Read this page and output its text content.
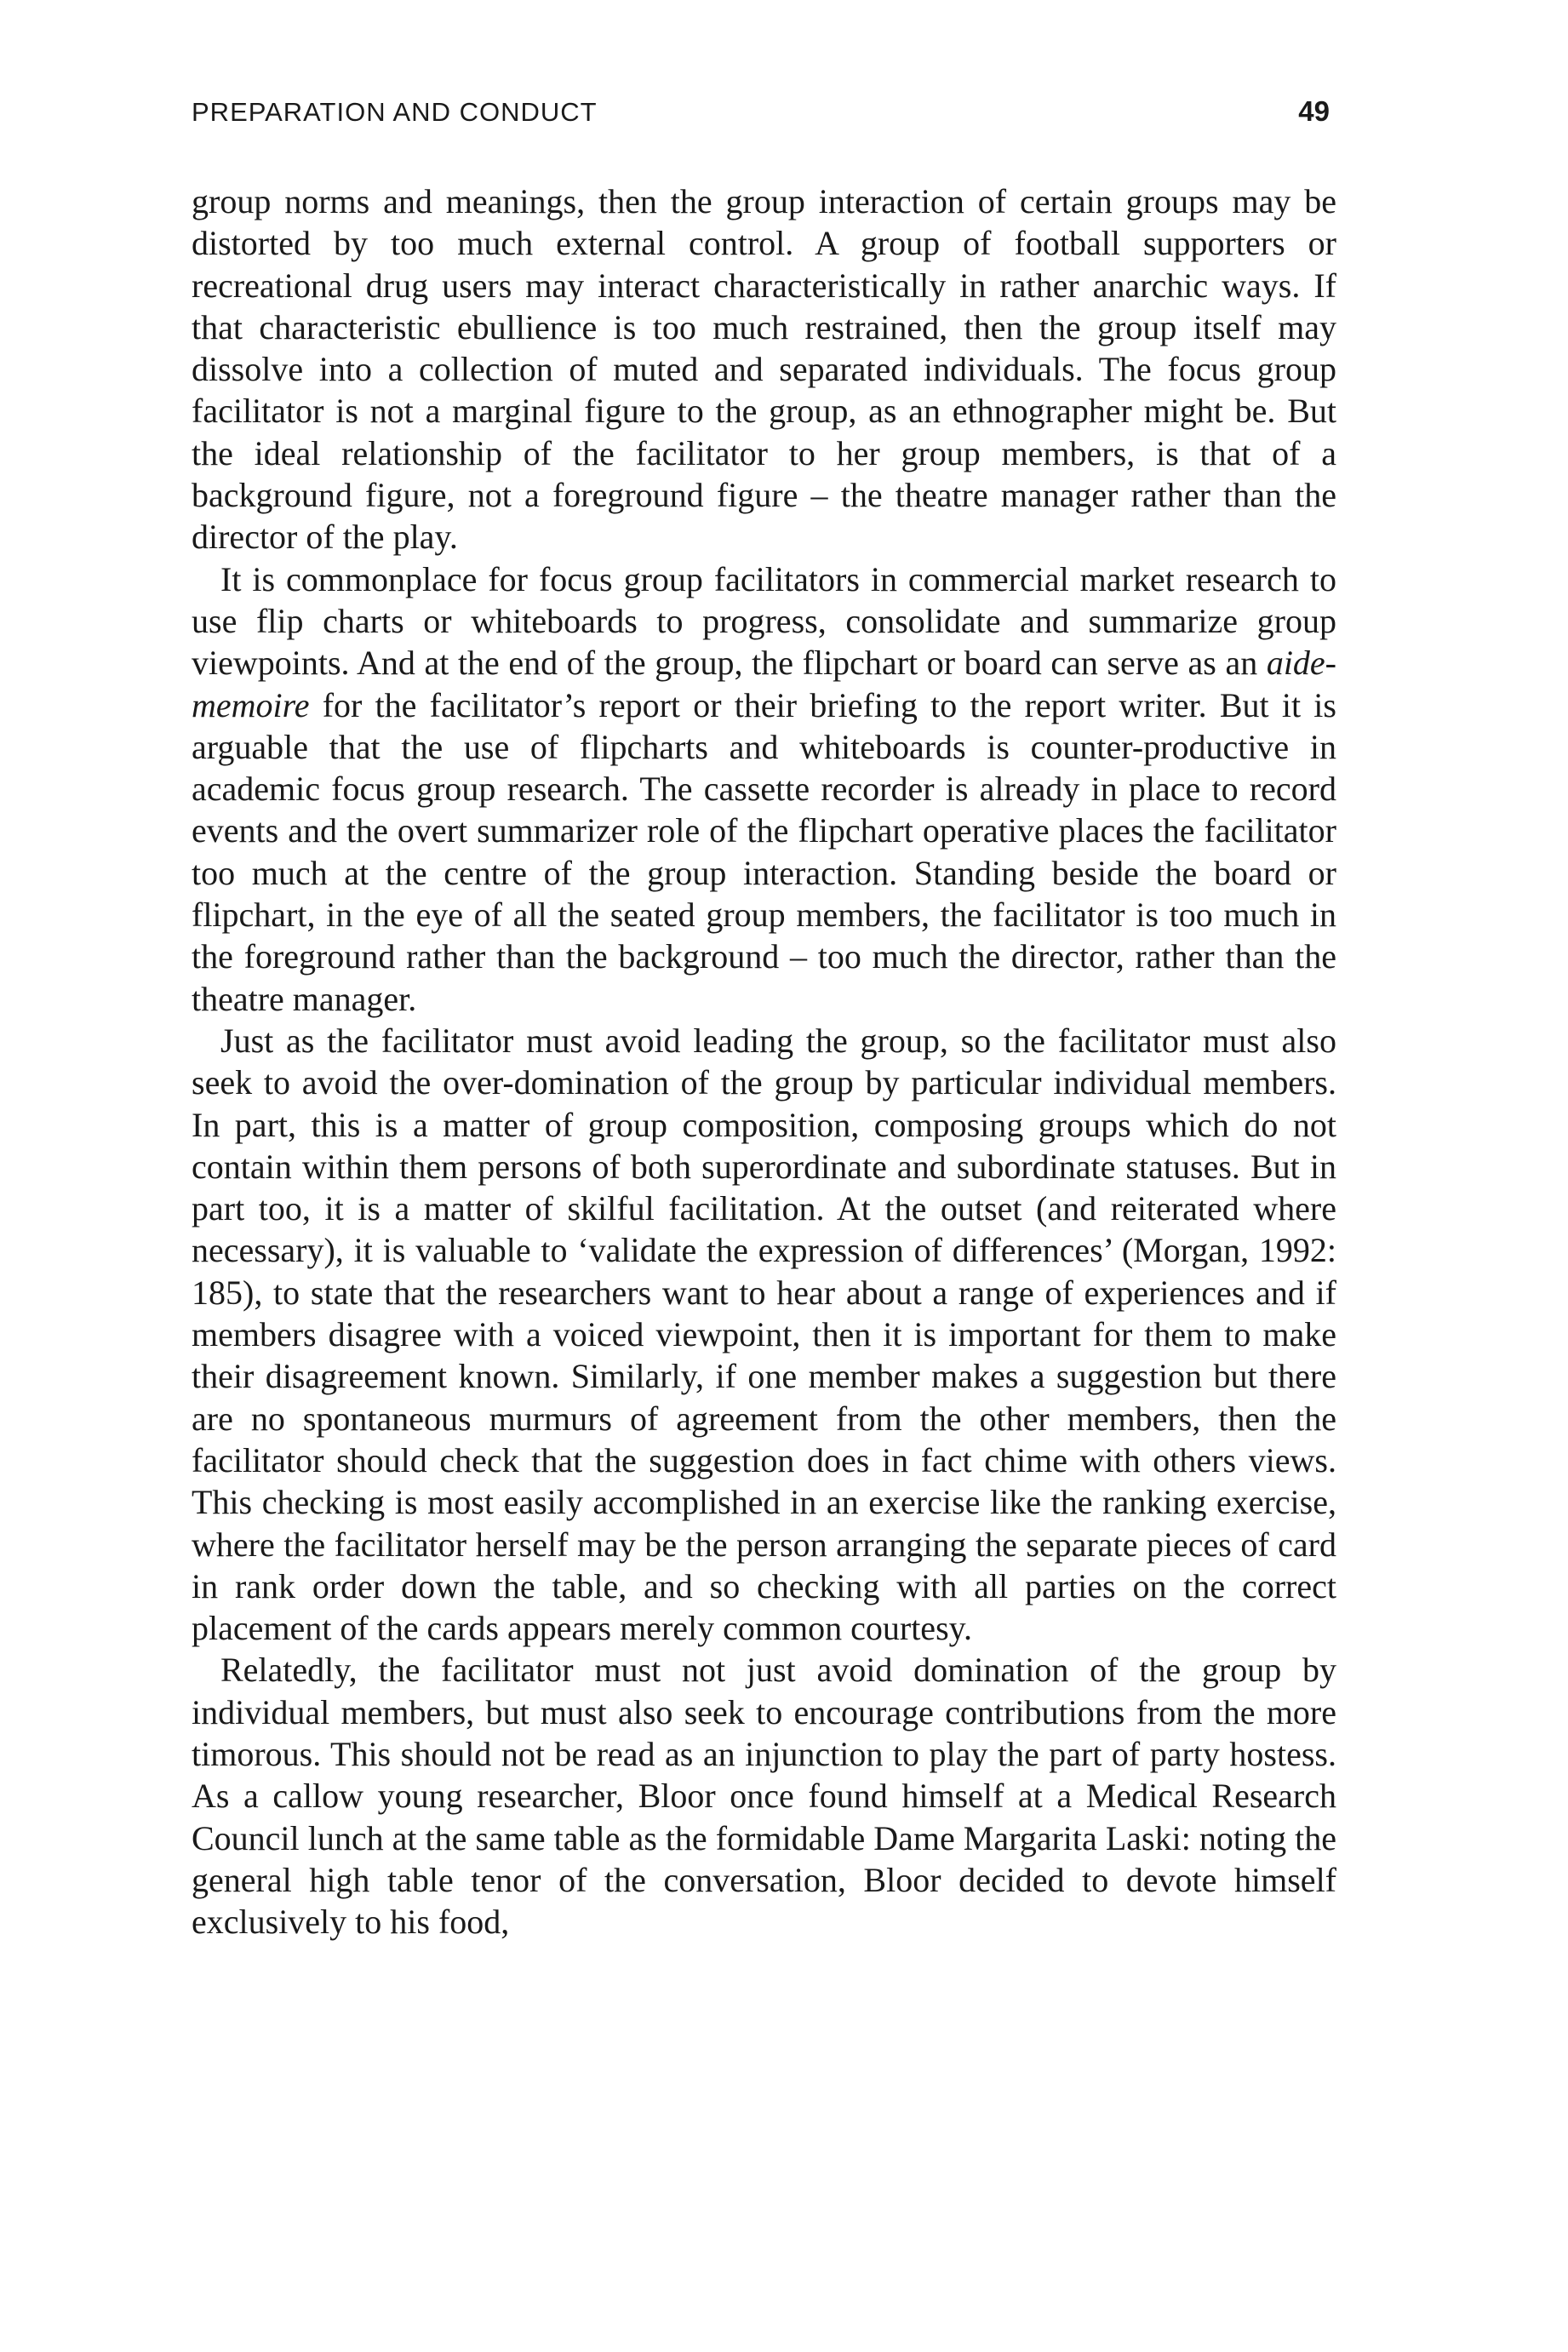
PREPARATION AND CONDUCT	49

group norms and meanings, then the group interaction of certain groups may be distorted by too much external control. A group of football supporters or recreational drug users may interact characteristically in rather anarchic ways. If that characteristic ebullience is too much restrained, then the group itself may dissolve into a collection of muted and separated individuals. The focus group facilitator is not a marginal figure to the group, as an ethnographer might be. But the ideal relationship of the facilitator to her group members, is that of a background figure, not a foreground figure – the theatre manager rather than the director of the play.

It is commonplace for focus group facilitators in commercial market research to use flip charts or whiteboards to progress, consolidate and summarize group viewpoints. And at the end of the group, the flipchart or board can serve as an aide-memoire for the facilitator’s report or their briefing to the report writer. But it is arguable that the use of flipcharts and whiteboards is counter-productive in academic focus group research. The cassette recorder is already in place to record events and the overt summarizer role of the flipchart operative places the facilitator too much at the centre of the group interaction. Standing beside the board or flipchart, in the eye of all the seated group members, the facilitator is too much in the foreground rather than the background – too much the director, rather than the theatre manager.

Just as the facilitator must avoid leading the group, so the facilitator must also seek to avoid the over-domination of the group by particular individual members. In part, this is a matter of group composition, composing groups which do not contain within them persons of both superordinate and subordinate statuses. But in part too, it is a matter of skilful facilitation. At the outset (and reiterated where necessary), it is valuable to ‘validate the expression of differences’ (Morgan, 1992: 185), to state that the researchers want to hear about a range of experiences and if members disagree with a voiced viewpoint, then it is important for them to make their disagreement known. Similarly, if one member makes a suggestion but there are no spontaneous murmurs of agreement from the other members, then the facilitator should check that the suggestion does in fact chime with others views. This checking is most easily accomplished in an exercise like the ranking exercise, where the facilitator herself may be the person arranging the separate pieces of card in rank order down the table, and so checking with all parties on the correct placement of the cards appears merely common courtesy.

Relatedly, the facilitator must not just avoid domination of the group by individual members, but must also seek to encourage contributions from the more timorous. This should not be read as an injunction to play the part of party hostess. As a callow young researcher, Bloor once found himself at a Medical Research Council lunch at the same table as the formidable Dame Margarita Laski: noting the general high table tenor of the conversation, Bloor decided to devote himself exclusively to his food,
